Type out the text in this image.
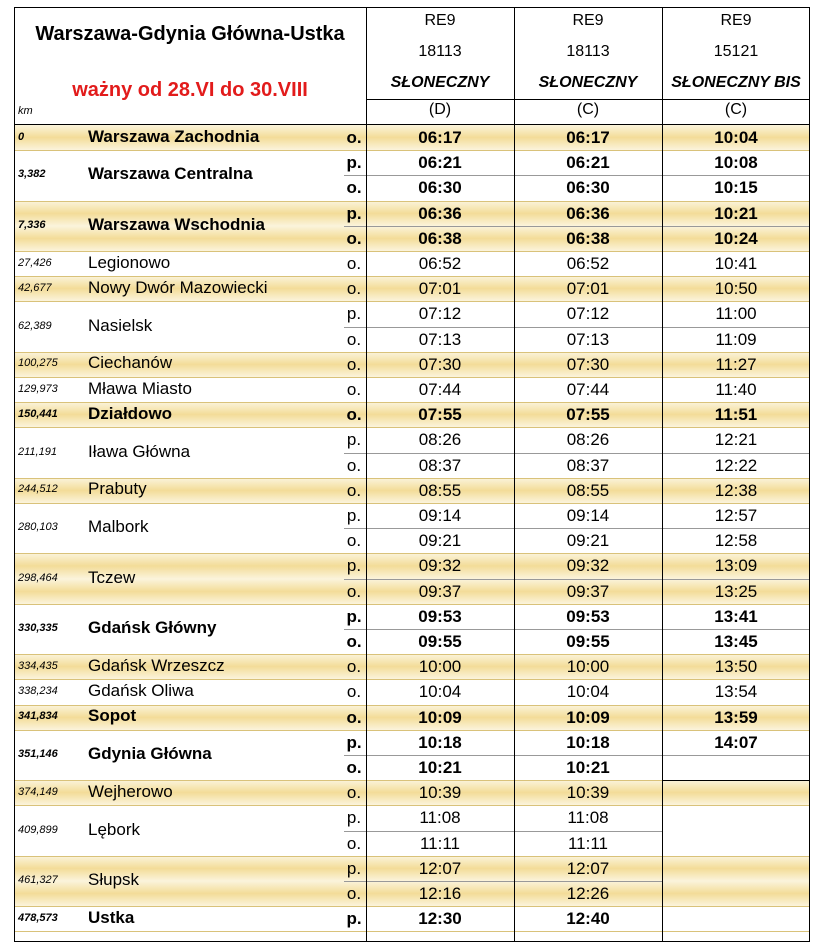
Warszawa-Gdynia Główna-Ustka
ważny od 28.VI do 30.VIII
km
RE9
18113
SŁONECZNY
(D)
RE9
18113
SŁONECZNY
(C)
RE9
15121
SŁONECZNY BIS
(C)
0	Warszawa Zachodnia	o.	06:17	06:17	10:04
3,382 Warszawa Centralna
p.	06:21	06:21	10:08
o.	06:30	06:30	10:15
7,336 Warszawa Wschodnia
p.	06:36	06:36	10:21
o.	06:38	06:38	10:24
27,426 Legionowo	o.	06:52	06:52	10:41
42,677 Nowy Dwór Mazowiecki	o.	07:01	07:01	10:50
62,389 Nasielsk
p.	07:12	07:12	11:00
o.	07:13	07:13	11:09
100,275 Ciechanów	o.	07:30	07:30	11:27
129,973 Mława Miasto	o.	07:44	07:44	11:40
150,441 Działdowo	o.	07:55	07:55	11:51
211,191 Iława Główna
p.	08:26	08:26	12:21
o.	08:37	08:37	12:22
244,512 Prabuty	o.	08:55	08:55	12:38
280,103 Malbork
p.	09:14	09:14	12:57
o.	09:21	09:21	12:58
298,464 Tczew
p.	09:32	09:32	13:09
o.	09:37	09:37	13:25
330,335 Gdańsk Główny
p.	09:53	09:53	13:41
o.	09:55	09:55	13:45
334,435 Gdańsk Wrzeszcz	o.	10:00	10:00	13:50
338,234 Gdańsk Oliwa	o.	10:04	10:04	13:54
341,834 Sopot	o.	10:09	10:09	13:59
351,146 Gdynia Główna
p.	10:18	10:18	14:07
o.	10:21	10:21
374,149 Wejherowo	o.	10:39	10:39
409,899 Lębork
p.	11:08	11:08
o.	11:11	11:11
461,327 Słupsk
p.	12:07	12:07
o.	12:16	12:26
478,573 Ustka	p.	12:30	12:40
